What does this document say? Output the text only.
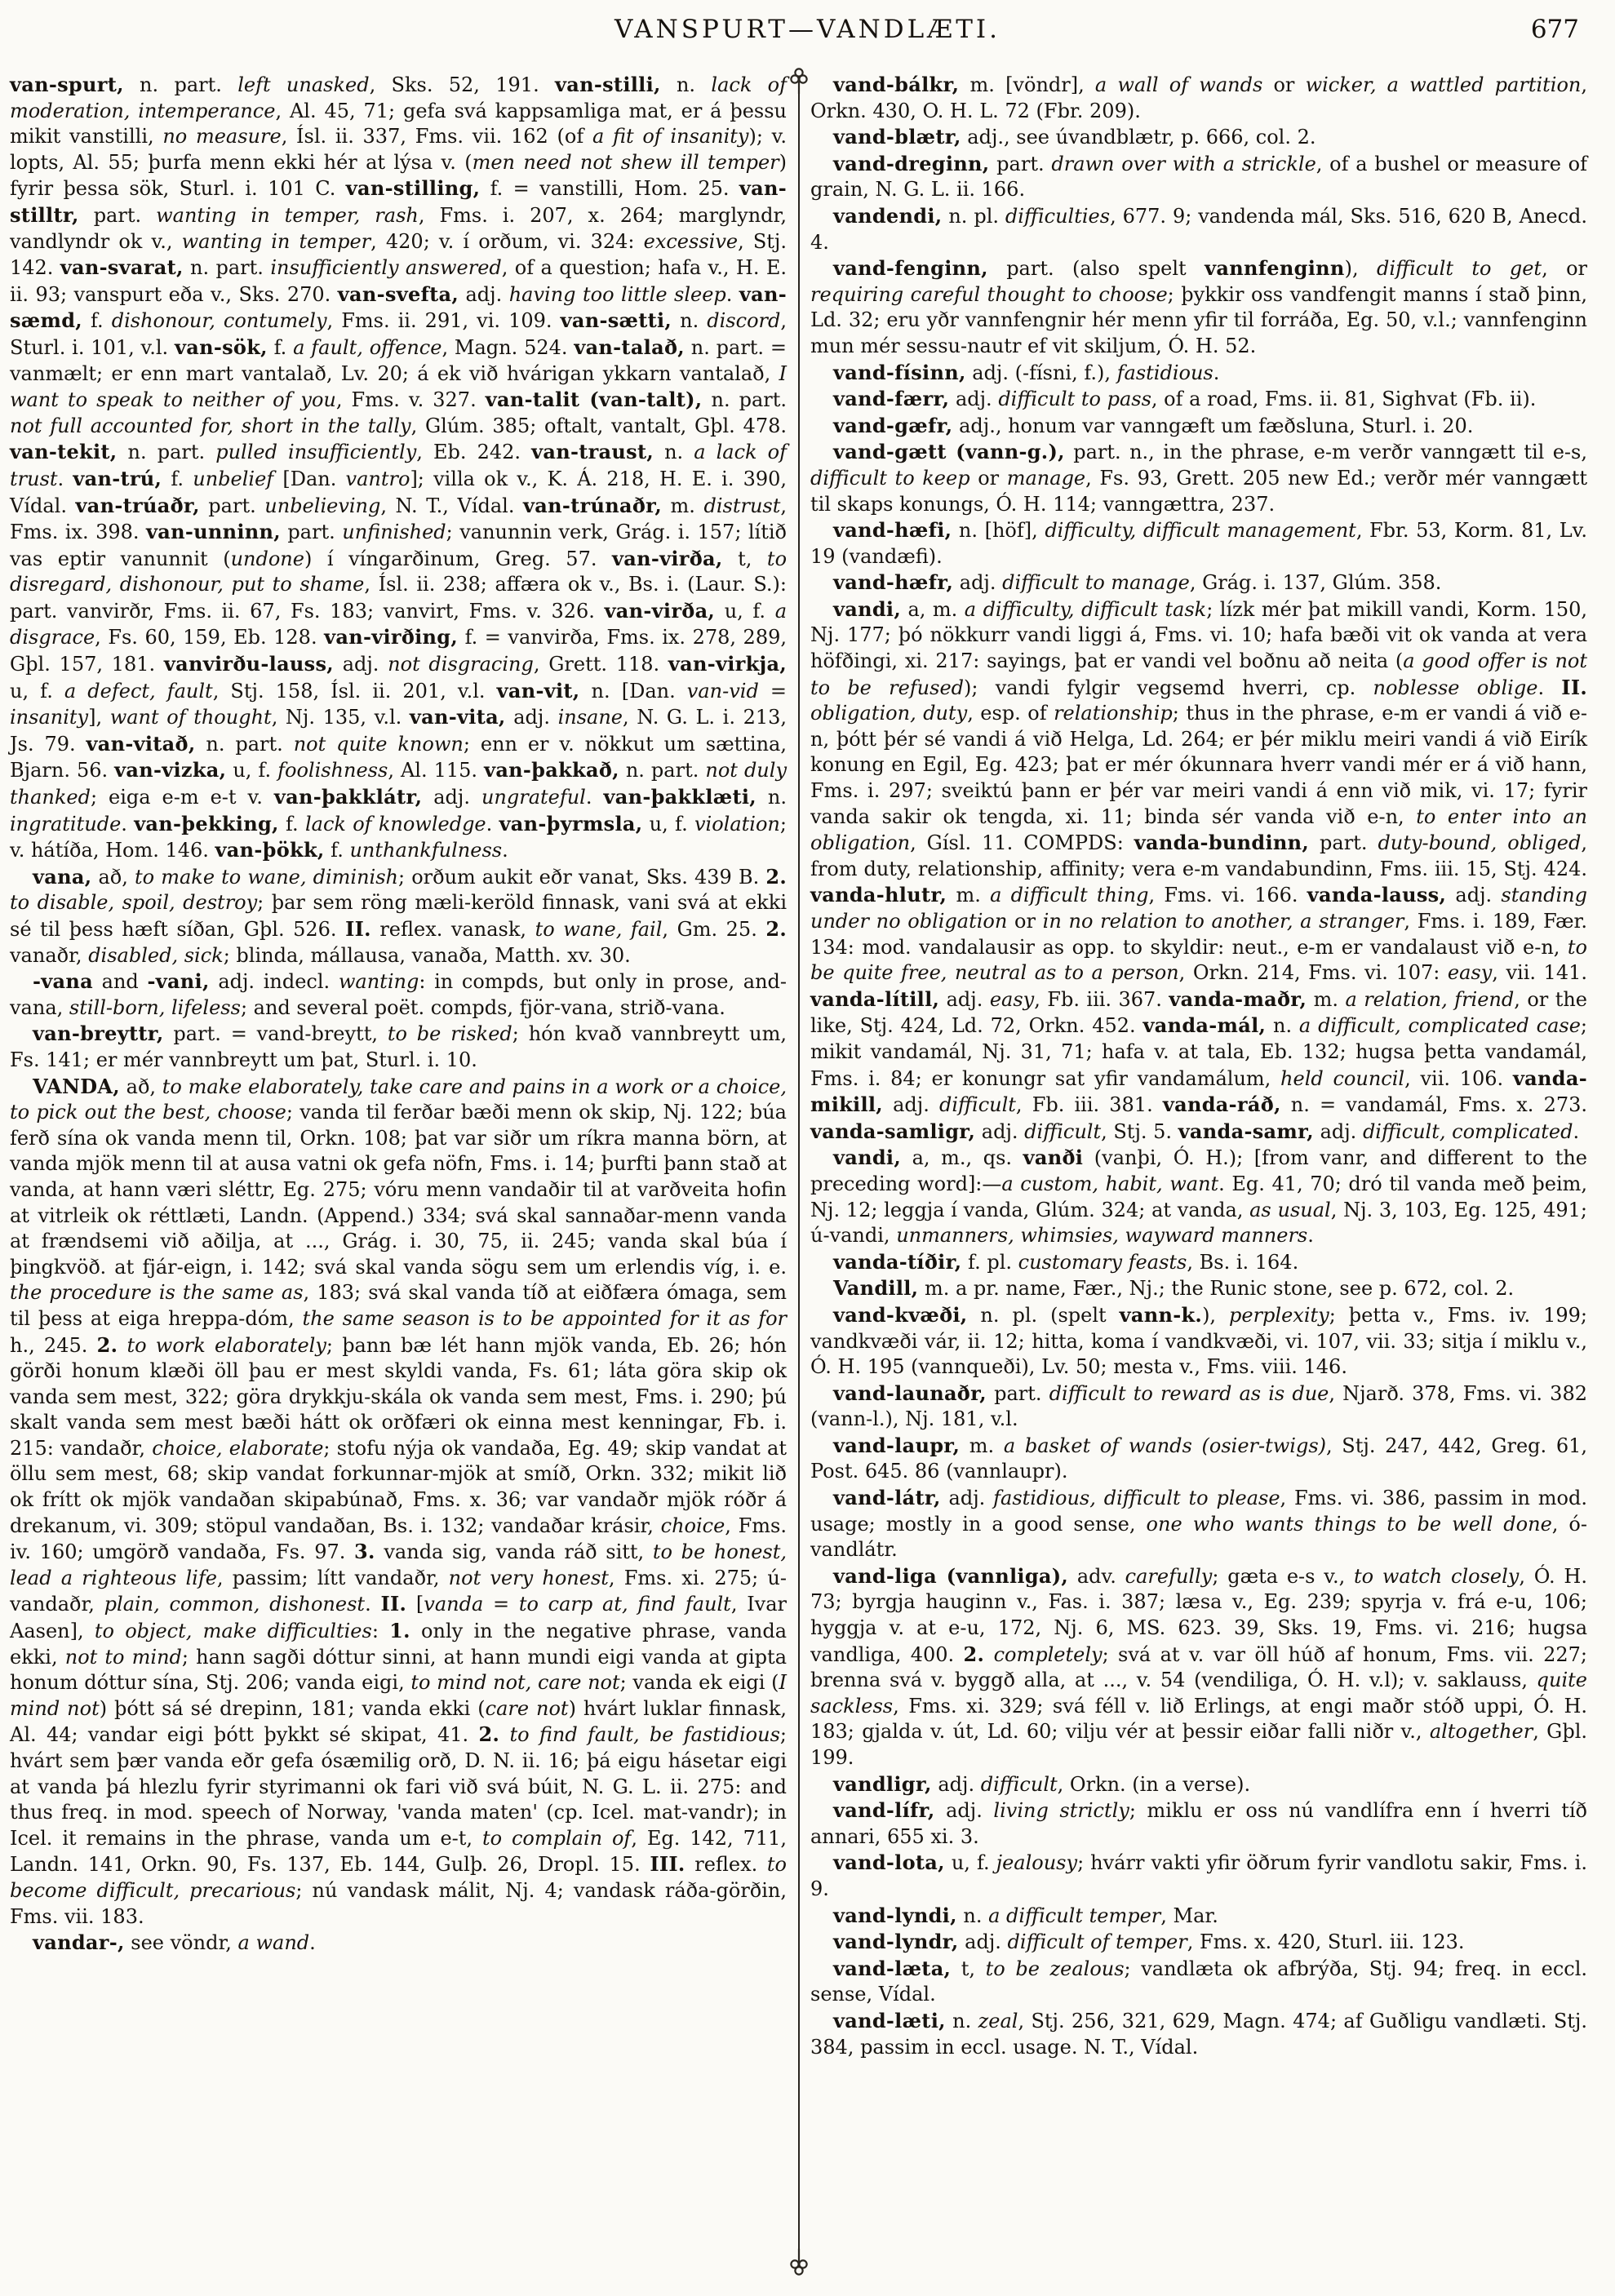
VANSPURT—VANDLÆTI.	677

van-spurt, n. part. left unasked, Sks. 52, 191. van-stilli, n. lack of moderation, intemperance, Al. 45, 71; gefa svá kappsamliga mat, er á þessu mikit vanstilli, no measure, Ísl. ii. 337, Fms. vii. 162 (of a fit of insanity); v. lopts, Al. 55; þurfa menn ekki hér at lýsa v. (men need not shew ill temper) fyrir þessa sök, Sturl. i. 101 C. van-stilling, f. = vanstilli, Hom. 25. van-stilltr, part. wanting in temper, rash, Fms. i. 207, x. 264; marglyndr, vandlyndr ok v., wanting in temper, 420; v. í orðum, vi. 324: excessive, Stj. 142. van-svarat, n. part. insufficiently answered, of a question; hafa v., H. E. ii. 93; vanspurt eða v., Sks. 270. van-svefta, adj. having too little sleep. van-sæmd, f. dishonour, contumely, Fms. ii. 291, vi. 109. van-sætti, n. discord, Sturl. i. 101, v.l. van-sök, f. a fault, offence, Magn. 524. van-talað, n. part. = vanmælt; er enn mart vantalað, Lv. 20; á ek við hvárigan ykkarn vantalað, I want to speak to neither of you, Fms. v. 327. van-talit (van-talt), n. part. not full accounted for, short in the tally, Glúm. 385; oftalt, vantalt, Gþl. 478. van-tekit, n. part. pulled insufficiently, Eb. 242. van-traust, n. a lack of trust. van-trú, f. unbelief [Dan. vantro]; villa ok v., K. Á. 218, H. E. i. 390, Vídal. van-trúaðr, part. unbelieving, N. T., Vídal. van-trúnaðr, m. distrust, Fms. ix. 398. van-unninn, part. unfinished; vanunnin verk, Grág. i. 157; lítið vas eptir vanunnit (undone) í víngarðinum, Greg. 57. van-virða, t, to disregard, dishonour, put to shame, Ísl. ii. 238; affæra ok v., Bs. i. (Laur. S.): part. vanvirðr, Fms. ii. 67, Fs. 183; vanvirt, Fms. v. 326. van-virða, u, f. a disgrace, Fs. 60, 159, Eb. 128. van-virðing, f. = vanvirða, Fms. ix. 278, 289, Gþl. 157, 181. vanvirðu-lauss, adj. not disgracing, Grett. 118. van-virkja, u, f. a defect, fault, Stj. 158, Ísl. ii. 201, v.l. van-vit, n. [Dan. van-vid = insanity], want of thought, Nj. 135, v.l. van-vita, adj. insane, N. G. L. i. 213, Js. 79. van-vitað, n. part. not quite known; enn er v. nökkut um sættina, Bjarn. 56. van-vizka, u, f. foolishness, Al. 115. van-þakkað, n. part. not duly thanked; eiga e-m e-t v. van-þakklátr, adj. ungrateful. van-þakklæti, n. ingratitude. van-þekking, f. lack of knowledge. van-þyrmsla, u, f. violation; v. hátíða, Hom. 146. van-þökk, f. unthankfulness.

vana, að, to make to wane, diminish; orðum aukit eðr vanat, Sks. 439 B. 2. to disable, spoil, destroy; þar sem röng mæli-keröld finnask, vani svá at ekki sé til þess hæft síðan, Gþl. 526. II. reflex. vanask, to wane, fail, Gm. 25. 2. vanaðr, disabled, sick; blinda, mállausa, vanaða, Matth. xv. 30.

-vana and -vani, adj. indecl. wanting: in compds, but only in prose, and-vana, still-born, lifeless; and several poët. compds, fjör-vana, strið-vana.

van-breyttr, part. = vand-breytt, to be risked; hón kvað vannbreytt um, Fs. 141; er mér vannbreytt um þat, Sturl. i. 10.

VANDA, að, to make elaborately, take care and pains in a work or a choice, to pick out the best, choose; vanda til ferðar bæði menn ok skip, Nj. 122; búa ferð sína ok vanda menn til, Orkn. 108; þat var siðr um ríkra manna börn, at vanda mjök menn til at ausa vatni ok gefa nöfn, Fms. i. 14; þurfti þann stað at vanda, at hann væri sléttr, Eg. 275; vóru menn vandaðir til at varðveita hofin at vitrleik ok réttlæti, Landn. (Append.) 334; svá skal sannaðar-menn vanda at frændsemi við aðilja, at ..., Grág. i. 30, 75, ii. 245; vanda skal búa í þingkvöð. at fjár-eign, i. 142; svá skal vanda sögu sem um erlendis víg, i. e. the procedure is the same as, 183; svá skal vanda tíð at eiðfæra ómaga, sem til þess at eiga hreppa-dóm, the same season is to be appointed for it as for h., 245. 2. to work elaborately; þann bæ lét hann mjök vanda, Eb. 26; hón görði honum klæði öll þau er mest skyldi vanda, Fs. 61; láta göra skip ok vanda sem mest, 322; göra drykkju-skála ok vanda sem mest, Fms. i. 290; þú skalt vanda sem mest bæði hátt ok orðfæri ok einna mest kenningar, Fb. i. 215: vandaðr, choice, elaborate; stofu nýja ok vandaða, Eg. 49; skip vandat at öllu sem mest, 68; skip vandat forkunnar-mjök at smíð, Orkn. 332; mikit lið ok frítt ok mjök vandaðan skipabúnað, Fms. x. 36; var vandaðr mjök róðr á drekanum, vi. 309; stöpul vandaðan, Bs. i. 132; vandaðar krásir, choice, Fms. iv. 160; umgörð vandaða, Fs. 97. 3. vanda sig, vanda ráð sitt, to be honest, lead a righteous life, passim; lítt vandaðr, not very honest, Fms. xi. 275; ú-vandaðr, plain, common, dishonest. II. [vanda = to carp at, find fault, Ivar Aasen], to object, make difficulties: 1. only in the negative phrase, vanda ekki, not to mind; hann sagði dóttur sinni, at hann mundi eigi vanda at gipta honum dóttur sína, Stj. 206; vanda eigi, to mind not, care not; vanda ek eigi (I mind not) þótt sá sé drepinn, 181; vanda ekki (care not) hvárt luklar finnask, Al. 44; vandar eigi þótt þykkt sé skipat, 41. 2. to find fault, be fastidious; hvárt sem þær vanda eðr gefa ósæmilig orð, D. N. ii. 16; þá eigu hásetar eigi at vanda þá hlezlu fyrir styrimanni ok fari við svá búit, N. G. L. ii. 275: and thus freq. in mod. speech of Norway, 'vanda maten' (cp. Icel. mat-vandr); in Icel. it remains in the phrase, vanda um e-t, to complain of, Eg. 142, 711, Landn. 141, Orkn. 90, Fs. 137, Eb. 144, Gulþ. 26, Dropl. 15. III. reflex. to become difficult, precarious; nú vandask málit, Nj. 4; vandask ráða-görðin, Fms. vii. 183.

vandar-, see vöndr, a wand.

vand-bálkr, m. [vöndr], a wall of wands or wicker, a wattled partition, Orkn. 430, O. H. L. 72 (Fbr. 209).

vand-blætr, adj., see úvandblætr, p. 666, col. 2.

vand-dreginn, part. drawn over with a strickle, of a bushel or measure of grain, N. G. L. ii. 166.

vandendi, n. pl. difficulties, 677. 9; vandenda mál, Sks. 516, 620 B, Anecd. 4.

vand-fenginn, part. (also spelt vannfenginn), difficult to get, or requiring careful thought to choose; þykkir oss vandfengit manns í stað þinn, Ld. 32; eru yðr vannfengnir hér menn yfir til forráða, Eg. 50, v.l.; vannfenginn mun mér sessu-nautr ef vit skiljum, Ó. H. 52.

vand-físinn, adj. (-físni, f.), fastidious.

vand-færr, adj. difficult to pass, of a road, Fms. ii. 81, Sighvat (Fb. ii).

vand-gæfr, adj., honum var vanngæft um fæðsluna, Sturl. i. 20.

vand-gætt (vann-g.), part. n., in the phrase, e-m verðr vanngætt til e-s, difficult to keep or manage, Fs. 93, Grett. 205 new Ed.; verðr mér vanngætt til skaps konungs, Ó. H. 114; vanngættra, 237.

vand-hæfi, n. [höf], difficulty, difficult management, Fbr. 53, Korm. 81, Lv. 19 (vandæfi).

vand-hæfr, adj. difficult to manage, Grág. i. 137, Glúm. 358.

vandi, a, m. a difficulty, difficult task; lízk mér þat mikill vandi, Korm. 150, Nj. 177; þó nökkurr vandi liggi á, Fms. vi. 10; hafa bæði vit ok vanda at vera höfðingi, xi. 217: sayings, þat er vandi vel boðnu að neita (a good offer is not to be refused); vandi fylgir vegsemd hverri, cp. noblesse oblige. II. obligation, duty, esp. of relationship; thus in the phrase, e-m er vandi á við e-n, þótt þér sé vandi á við Helga, Ld. 264; er þér miklu meiri vandi á við Eirík konung en Egil, Eg. 423; þat er mér ókunnara hverr vandi mér er á við hann, Fms. i. 297; sveiktú þann er þér var meiri vandi á enn við mik, vi. 17; fyrir vanda sakir ok tengda, xi. 11; binda sér vanda við e-n, to enter into an obligation, Gísl. 11. COMPDS: vanda-bundinn, part. duty-bound, obliged, from duty, relationship, affinity; vera e-m vandabundinn, Fms. iii. 15, Stj. 424. vanda-hlutr, m. a difficult thing, Fms. vi. 166. vanda-lauss, adj. standing under no obligation or in no relation to another, a stranger, Fms. i. 189, Fær. 134: mod. vandalausir as opp. to skyldir: neut., e-m er vandalaust við e-n, to be quite free, neutral as to a person, Orkn. 214, Fms. vi. 107: easy, vii. 141. vanda-lítill, adj. easy, Fb. iii. 367. vanda-maðr, m. a relation, friend, or the like, Stj. 424, Ld. 72, Orkn. 452. vanda-mál, n. a difficult, complicated case; mikit vandamál, Nj. 31, 71; hafa v. at tala, Eb. 132; hugsa þetta vandamál, Fms. i. 84; er konungr sat yfir vandamálum, held council, vii. 106. vanda-mikill, adj. difficult, Fb. iii. 381. vanda-ráð, n. = vandamál, Fms. x. 273. vanda-samligr, adj. difficult, Stj. 5. vanda-samr, adj. difficult, complicated.

vandi, a, m., qs. vanði (vanþi, Ó. H.); [from vanr, and different to the preceding word]:—a custom, habit, want. Eg. 41, 70; dró til vanda með þeim, Nj. 12; leggja í vanda, Glúm. 324; at vanda, as usual, Nj. 3, 103, Eg. 125, 491; ú-vandi, unmanners, whimsies, wayward manners.

vanda-tíðir, f. pl. customary feasts, Bs. i. 164.

Vandill, m. a pr. name, Fær., Nj.; the Runic stone, see p. 672, col. 2.

vand-kvæði, n. pl. (spelt vann-k.), perplexity; þetta v., Fms. iv. 199; vandkvæði vár, ii. 12; hitta, koma í vandkvæði, vi. 107, vii. 33; sitja í miklu v., Ó. H. 195 (vannqueði), Lv. 50; mesta v., Fms. viii. 146.

vand-launaðr, part. difficult to reward as is due, Njarð. 378, Fms. vi. 382 (vann-l.), Nj. 181, v.l.

vand-laupr, m. a basket of wands (osier-twigs), Stj. 247, 442, Greg. 61, Post. 645. 86 (vannlaupr).

vand-látr, adj. fastidious, difficult to please, Fms. vi. 386, passim in mod. usage; mostly in a good sense, one who wants things to be well done, ó-vandlátr.

vand-liga (vannliga), adv. carefully; gæta e-s v., to watch closely, Ó. H. 73; byrgja hauginn v., Fas. i. 387; læsa v., Eg. 239; spyrja v. frá e-u, 106; hyggja v. at e-u, 172, Nj. 6, MS. 623. 39, Sks. 19, Fms. vi. 216; hugsa vandliga, 400. 2. completely; svá at v. var öll húð af honum, Fms. vii. 227; brenna svá v. byggð alla, at ..., v. 54 (vendiliga, Ó. H. v.l); v. saklauss, quite sackless, Fms. xi. 329; svá féll v. lið Erlings, at engi maðr stóð uppi, Ó. H. 183; gjalda v. út, Ld. 60; vilju vér at þessir eiðar falli niðr v., altogether, Gþl. 199.

vandligr, adj. difficult, Orkn. (in a verse).

vand-lífr, adj. living strictly; miklu er oss nú vandlífra enn í hverri tíð annari, 655 xi. 3.

vand-lota, u, f. jealousy; hvárr vakti yfir öðrum fyrir vandlotu sakir, Fms. i. 9.

vand-lyndi, n. a difficult temper, Mar.

vand-lyndr, adj. difficult of temper, Fms. x. 420, Sturl. iii. 123.

vand-læta, t, to be zealous; vandlæta ok afbrýða, Stj. 94; freq. in eccl. sense, Vídal.

vand-læti, n. zeal, Stj. 256, 321, 629, Magn. 474; af Guðligu vandlæti. Stj. 384, passim in eccl. usage. N. T., Vídal.
